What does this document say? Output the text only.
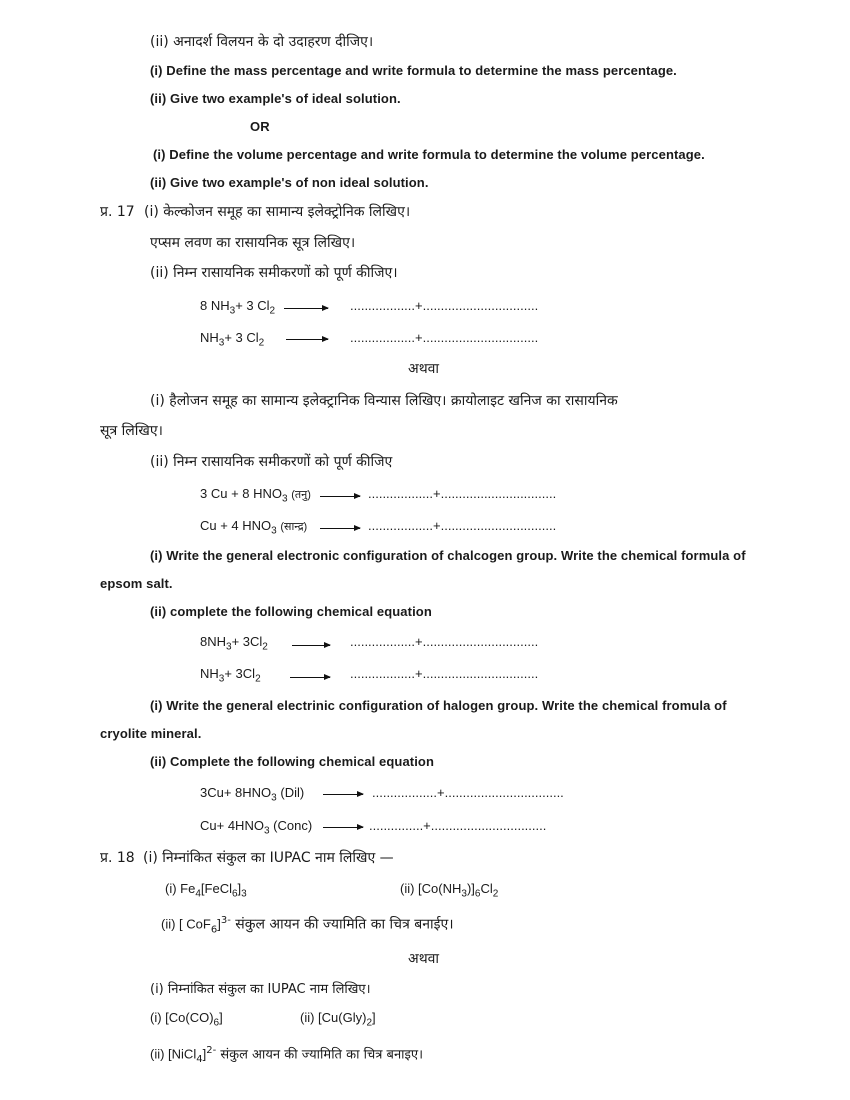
(ii) अनादर्श विलयन के दो उदाहरण दीजिए।
(i) Define the mass percentage and write formula to determine the mass percentage.
(ii) Give two example's of ideal solution.
OR
(i) Define the volume percentage and write formula to determine the volume percentage.
(ii) Give two example's of non ideal solution.
प्र. 17 (i) केल्कोजन समूह का सामान्य इलेक्ट्रोनिक लिखिए।
एप्सम लवण का रासायनिक सूत्र लिखिए।
(ii) निम्न रासायनिक समीकरणों को पूर्ण कीजिए।
8 $NH_3+ 3$ $Cl_2$ → ..................+................................
$NH_3+ 3$ $Cl_2$ → ..................+................................
अथवा
(i) हैलोजन समूह का सामान्य इलेक्ट्रानिक विन्यास लिखिए। क्रायोलाइट खनिज का रासायनिक
सूत्र लिखिए।
(ii) निम्न रासायनिक समीकरणों को पूर्ण कीजिए
3 Cu + 8 $HNO_3$ (तनु) → ..................+................................
Cu + 4 $HNO_3$ (सान्द्र) → ..................+................................
(i) Write the general electronic configuration of chalcogen group. Write the chemical formula of
epsom salt.
(ii) complete the following chemical equation
$8NH_3+ 3Cl_2$ → ..................+................................
$NH_3+ 3Cl_2$ → ..................+................................
(i) Write the general electrinic configuration of halogen group. Write the chemical fromula of
cryolite mineral.
(ii) Complete the following chemical equation
$3Cu+ 8HNO_3$ (Dil) → ..................+.................................
$Cu+ 4HNO_3$ (Conc) → ...............+................................
प्र. 18 (i) निम्नांकित संकुल का IUPAC नाम लिखिए —
(i) $Fe_4[FeCl_6]_3$	(ii) $[Co(NH_3)]_6Cl_2$
(ii) [ CoF$_6$]$^{3-}$ संकुल आयन की ज्यामिति का चित्र बनाईए।
अथवा
(i) निम्नांकित संकुल का IUPAC नाम लिखिए।
(i) $[Co(CO)_6]$	(ii) $[Cu(Gly)_2]$
(ii) [NiCl$_4$]$^{2-}$ संकुल आयन की ज्यामिति का चित्र बनाइए।
